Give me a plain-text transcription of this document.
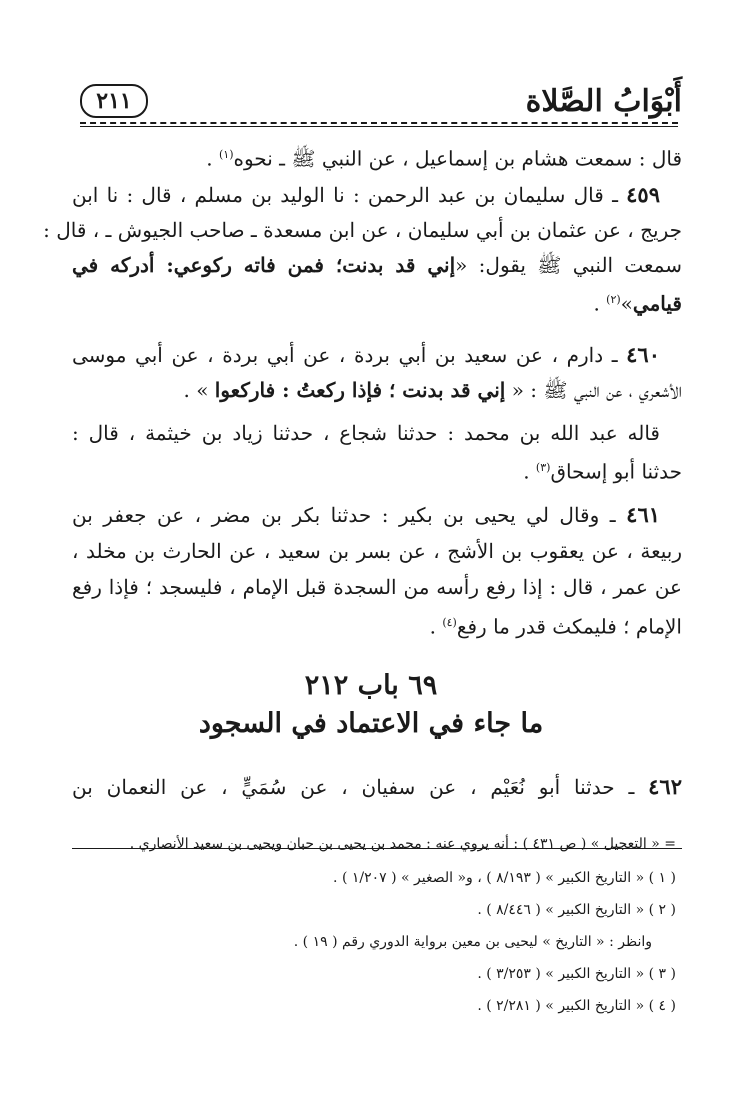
أَبْوَابُ الصَّلاة
٢١١
قال : سمعت هشام بن إسماعيل ، عن النبي ﷺ ـ نحوه$^{(١)}$ .
٤٥٩ ـ قال سليمان بن عبد الرحمن : نا الوليد بن مسلم ، قال : نا ابن
جريج ، عن عثمان بن أبي سليمان ، عن ابن مسعدة ـ صاحب الجيوش ـ ، قال :
سمعت النبي ﷺ يقول: «إني قد بدنت؛ فمن فاته ركوعي: أدركه في
قيامي»$^{(٢)}$ .
٤٦٠ ـ دارم ، عن سعيد بن أبي بردة ، عن أبي بردة ، عن أبي موسى
الأشعري ، عن النبي ﷺ : « إني قد بدنت ؛ فإذا ركعتُ : فاركعوا » .
قاله عبد الله بن محمد : حدثنا شجاع ، حدثنا زياد بن خيثمة ، قال :
حدثنا أبو إسحاق$^{(٣)}$ .
٤٦١ ـ وقال لي يحيى بن بكير : حدثنا بكر بن مضر ، عن جعفر بن
ربيعة ، عن يعقوب بن الأشج ، عن بسر بن سعيد ، عن الحارث بن مخلد ،
عن عمر ، قال : إذا رفع رأسه من السجدة قبل الإمام ، فليسجد ؛ فإذا رفع
الإمام ؛ فليمكث قدر ما رفع$^{(٤)}$ .
٦٩ باب ٢١٢
ما جاء في الاعتماد في السجود
٤٦٢ ـ حدثنا أبو نُعَيْم ، عن سفيان ، عن سُمَيٍّ ، عن النعمان بن
= « التعجيل » ( ص ٤٣١ ) : أنه يروي عنه : محمد بن يحيى بن حبان ويحيى بن سعيد الأنصاري .
( ١ ) « التاريخ الكبير » ( ٨/١٩٣ ) ، و« الصغير » ( ١/٢٠٧ ) .
( ٢ ) « التاريخ الكبير » ( ٨/٤٤٦ ) .
وانظر : « التاريخ » ليحيى بن معين برواية الدوري رقم ( ١٩ ) .
( ٣ ) « التاريخ الكبير » ( ٣/٢٥٣ ) .
( ٤ ) « التاريخ الكبير » ( ٢/٢٨١ ) .
